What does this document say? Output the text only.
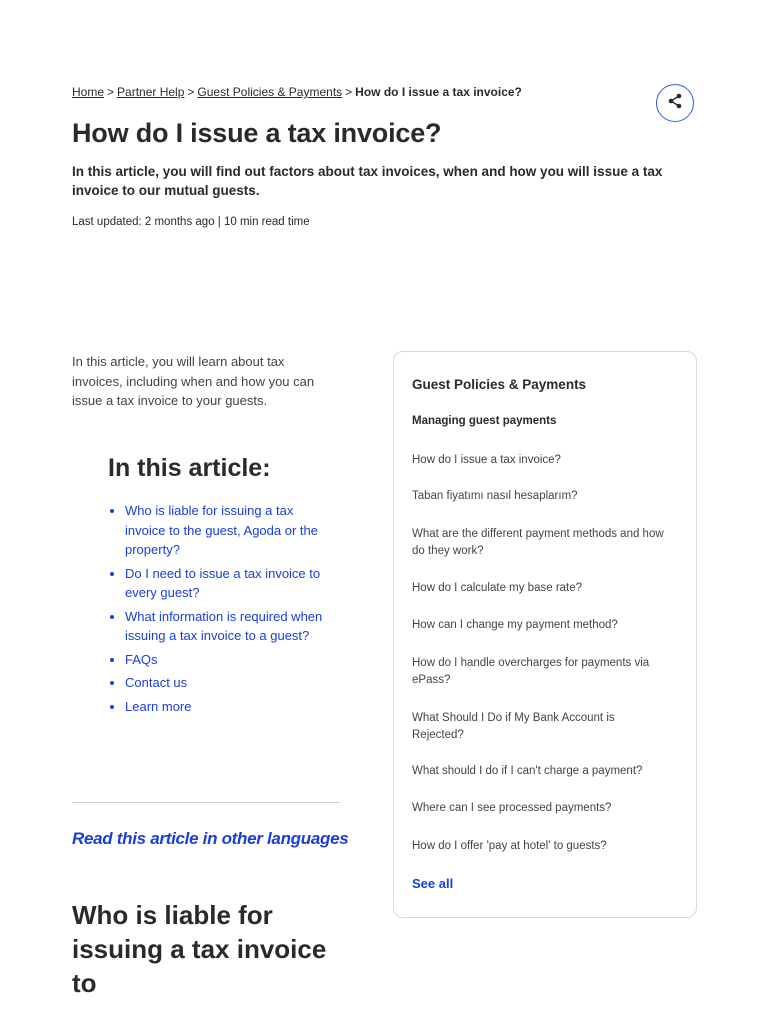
Home > Partner Help > Guest Policies & Payments > How do I issue a tax invoice?
How do I issue a tax invoice?

In this article, you will find out factors about tax invoices, when and how you will issue a tax invoice to our mutual guests.

Last updated: 2 months ago | 10 min read time

In this article, you will learn about tax invoices, including when and how you can issue a tax invoice to your guests.

In this article:
• Who is liable for issuing a tax invoice to the guest, Agoda or the property?
• Do I need to issue a tax invoice to every guest?
• What information is required when issuing a tax invoice to a guest?
• FAQs
• Contact us
• Learn more
Read this article in other languages
Who is liable for issuing a tax invoice to
Guest Policies & Payments
Managing guest payments
How do I issue a tax invoice?
Taban fiyatımı nasıl hesaplarım?
What are the different payment methods and how do they work?
How do I calculate my base rate?
How can I change my payment method?
How do I handle overcharges for payments via ePass?
What Should I Do if My Bank Account is Rejected?
What should I do if I can't charge a payment?
Where can I see processed payments?
How do I offer 'pay at hotel' to guests?
See all
